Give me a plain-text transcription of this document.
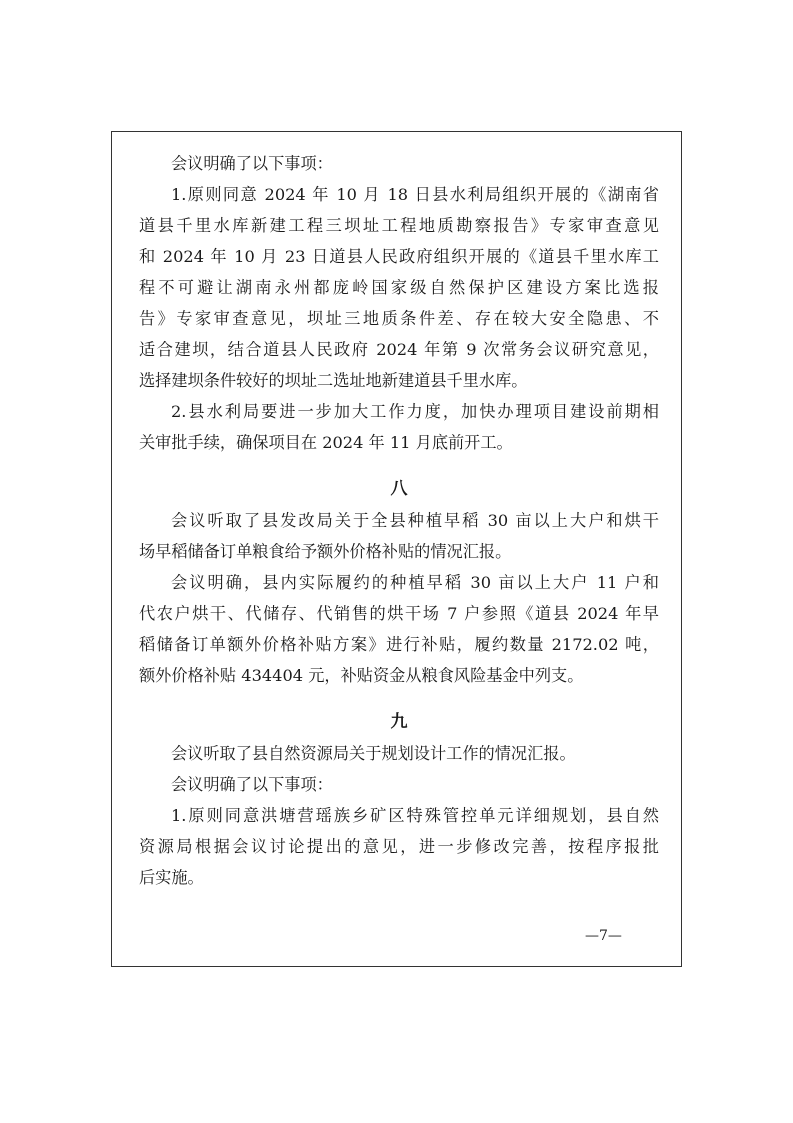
会议明确了以下事项：
1.原则同意 2024 年 10 月 18 日县水利局组织开展的《湖南省
道县千里水库新建工程三坝址工程地质勘察报告》专家审查意见
和 2024 年 10 月 23 日道县人民政府组织开展的《道县千里水库工
程不可避让湖南永州都庞岭国家级自然保护区建设方案比选报
告》专家审查意见，坝址三地质条件差、存在较大安全隐患、不
适合建坝，结合道县人民政府 2024 年第 9 次常务会议研究意见，
选择建坝条件较好的坝址二选址地新建道县千里水库。
2.县水利局要进一步加大工作力度，加快办理项目建设前期相
关审批手续，确保项目在 2024 年 11 月底前开工。
八
会议听取了县发改局关于全县种植早稻 30 亩以上大户和烘干
场早稻储备订单粮食给予额外价格补贴的情况汇报。
会议明确，县内实际履约的种植早稻 30 亩以上大户 11 户和
代农户烘干、代储存、代销售的烘干场 7 户参照《道县 2024 年早
稻储备订单额外价格补贴方案》进行补贴，履约数量 2172.02 吨，
额外价格补贴 434404 元，补贴资金从粮食风险基金中列支。
九
会议听取了县自然资源局关于规划设计工作的情况汇报。
会议明确了以下事项：
1.原则同意洪塘营瑶族乡矿区特殊管控单元详细规划，县自然
资源局根据会议讨论提出的意见，进一步修改完善，按程序报批
后实施。
—7—
